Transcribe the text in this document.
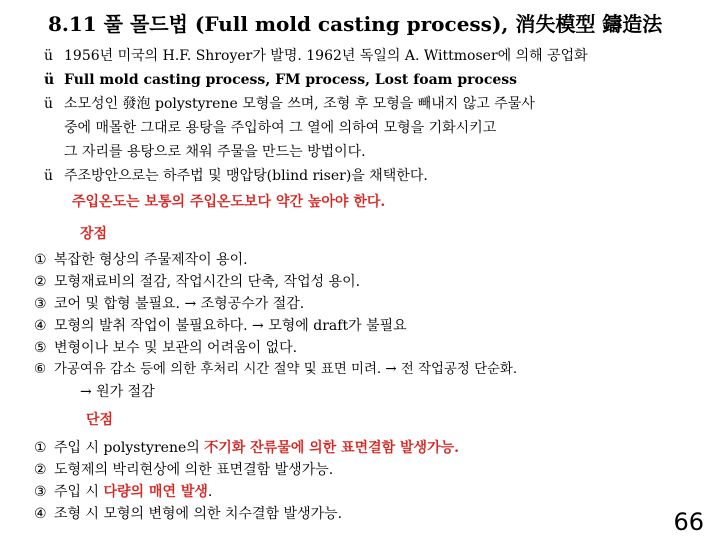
8.11 풀 몰드법 (Full mold casting process), 消失模型 鑄造法
ü 1956년 미국의 H.F. Shroyer가 발명. 1962년 독일의 A. Wittmoser에 의해 공업화
ü Full mold casting process, FM process, Lost foam process
ü 소모성인 發泡 polystyrene 모형을 쓰며, 조형 후 모형을 빼내지 않고 주물사
중에 매몰한 그대로 용탕을 주입하여 그 열에 의하여 모형을 기화시키고
그 자리를 용탕으로 채워 주물을 만드는 방법이다.
ü 주조방안으로는 하주법 및 맹압탕(blind riser)을 채택한다.
주입온도는 보통의 주입온도보다 약간 높아야 한다.
장점
① 복잡한 형상의 주물제작이 용이.
② 모형재료비의 절감, 작업시간의 단축, 작업성 용이.
③ 코어 및 합형 불필요. → 조형공수가 절감.
④ 모형의 발취 작업이 불필요하다. → 모형에 draft가 불필요
⑤ 변형이나 보수 및 보관의 어려움이 없다.
⑥ 가공여유 감소 등에 의한 후처리 시간 절약 및 표면 미려. → 전 작업공정 단순화.
→ 원가 절감
단점
① 주입 시 polystyrene의 不기화 잔류물에 의한 표면결함 발생가능.
② 도형제의 박리현상에 의한 표면결함 발생가능.
③ 주입 시 다량의 매연 발생.
④ 조형 시 모형의 변형에 의한 치수결함 발생가능.	66
